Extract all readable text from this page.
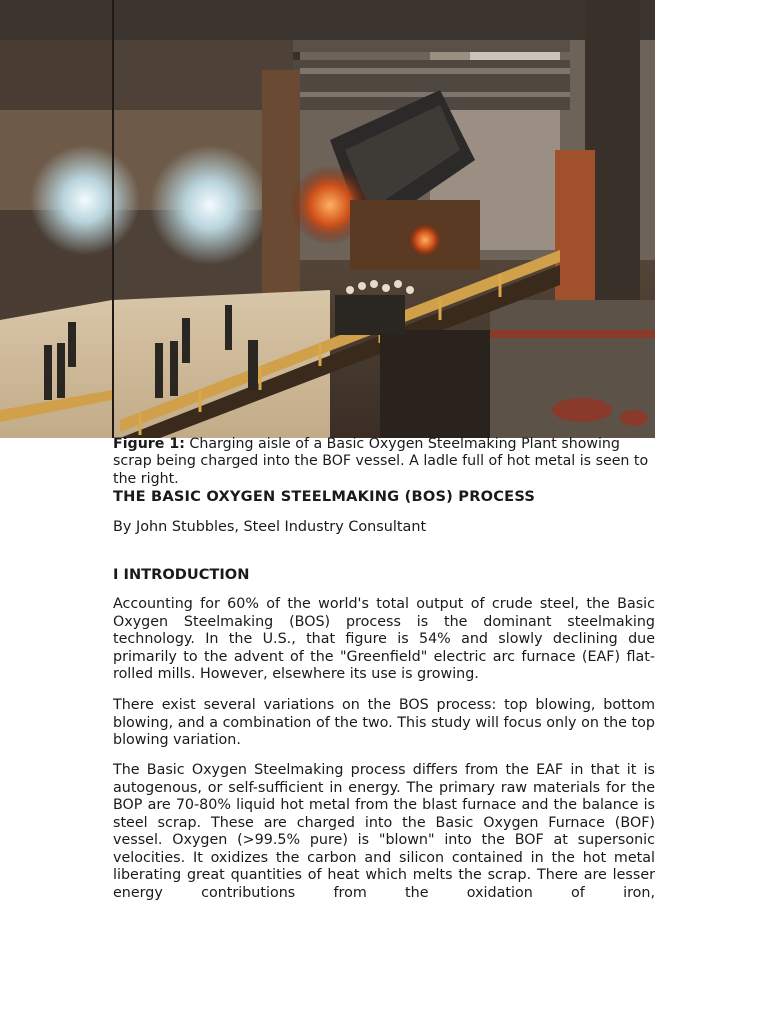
Figure 1: Charging aisle of a Basic Oxygen Steelmaking Plant showing scrap being charged into the BOF vessel. A ladle full of hot metal is seen to the right.

THE BASIC OXYGEN STEELMAKING (BOS) PROCESS

By John Stubbles, Steel Industry Consultant

I INTRODUCTION

Accounting for 60% of the world's total output of crude steel, the Basic Oxygen Steelmaking (BOS) process is the dominant steelmaking technology. In the U.S., that figure is 54% and slowly declining due primarily to the advent of the "Greenfield" electric arc furnace (EAF) flat-rolled mills. However, elsewhere its use is growing.

There exist several variations on the BOS process: top blowing, bottom blowing, and a combination of the two. This study will focus only on the top blowing variation.

The Basic Oxygen Steelmaking process differs from the EAF in that it is autogenous, or self-sufficient in energy. The primary raw materials for the BOP are 70-80% liquid hot metal from the blast furnace and the balance is steel scrap. These are charged into the Basic Oxygen Furnace (BOF) vessel. Oxygen (>99.5% pure) is "blown" into the BOF at supersonic velocities. It oxidizes the carbon and silicon contained in the hot metal liberating great quantities of heat which melts the scrap. There are lesser energy contributions from the oxidation of iron,
